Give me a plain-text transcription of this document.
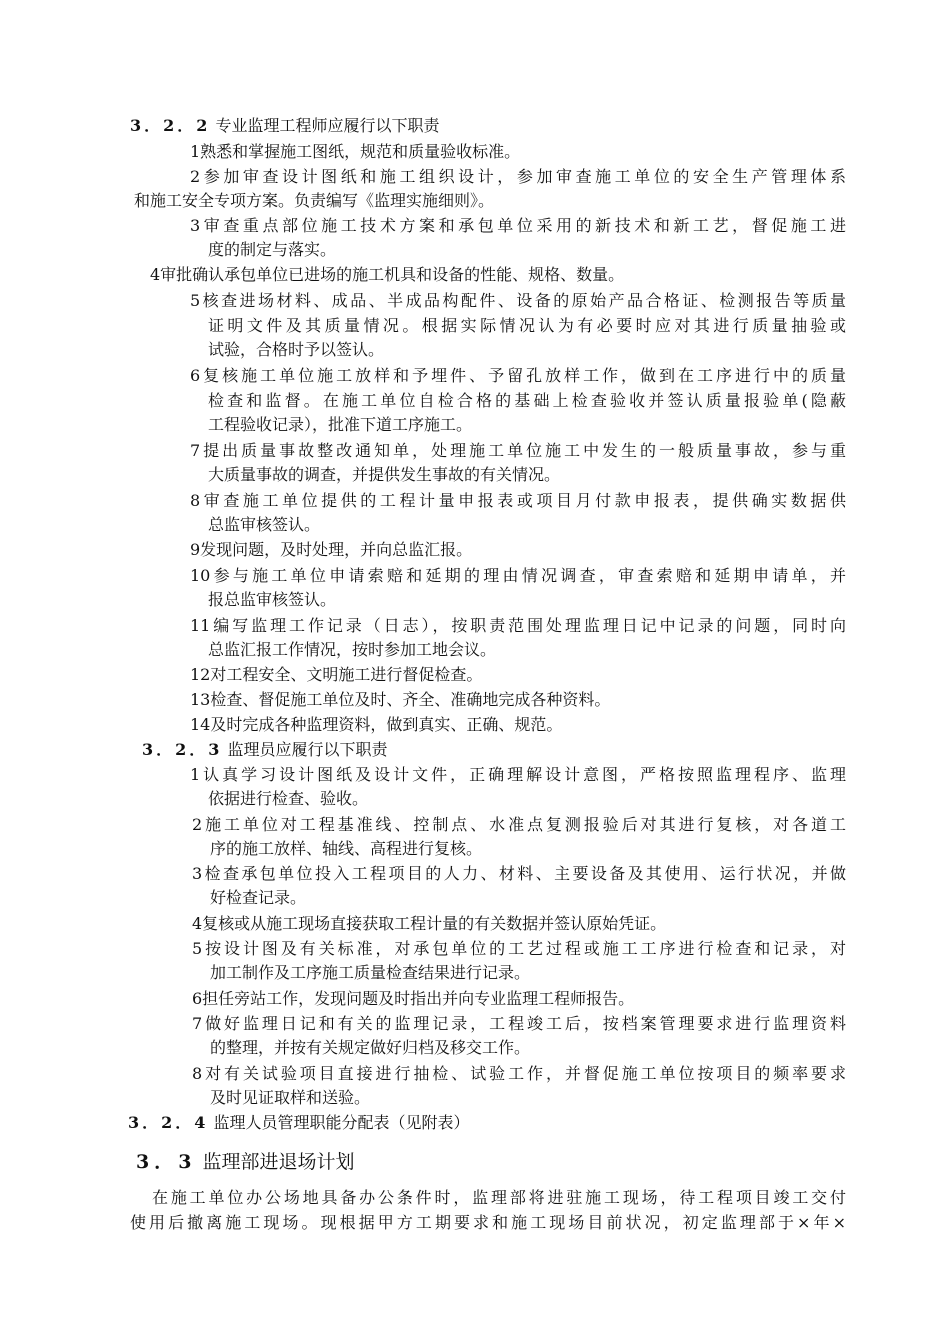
3．2．2 专业监理工程师应履行以下职责
1熟悉和掌握施工图纸，规范和质量验收标准。
2参加审查设计图纸和施工组织设计，参加审查施工单位的安全生产管理体系
和施工安全专项方案。负责编写《监理实施细则》。
3审查重点部位施工技术方案和承包单位采用的新技术和新工艺，督促施工进
度的制定与落实。
4审批确认承包单位已进场的施工机具和设备的性能、规格、数量。
5核查进场材料、成品、半成品构配件、设备的原始产品合格证、检测报告等质量
证明文件及其质量情况。根据实际情况认为有必要时应对其进行质量抽验或
试验，合格时予以签认。
6复核施工单位施工放样和予埋件、予留孔放样工作，做到在工序进行中的质量
检查和监督。在施工单位自检合格的基础上检查验收并签认质量报验单(隐蔽
工程验收记录），批准下道工序施工。
7提出质量事故整改通知单，处理施工单位施工中发生的一般质量事故，参与重
大质量事故的调查，并提供发生事故的有关情况。
8审查施工单位提供的工程计量申报表或项目月付款申报表，提供确实数据供
总监审核签认。
9发现问题，及时处理，并向总监汇报。
10参与施工单位申请索赔和延期的理由情况调查，审查索赔和延期申请单，并
报总监审核签认。
11编写监理工作记录（日志），按职责范围处理监理日记中记录的问题，同时向
总监汇报工作情况，按时参加工地会议。
12对工程安全、文明施工进行督促检查。
13检查、督促施工单位及时、齐全、准确地完成各种资料。
14及时完成各种监理资料，做到真实、正确、规范。
3．2．3 监理员应履行以下职责
1认真学习设计图纸及设计文件，正确理解设计意图，严格按照监理程序、监理
依据进行检查、验收。
2施工单位对工程基准线、控制点、水准点复测报验后对其进行复核，对各道工
序的施工放样、轴线、高程进行复核。
3检查承包单位投入工程项目的人力、材料、主要设备及其使用、运行状况，并做
好检查记录。
4复核或从施工现场直接获取工程计量的有关数据并签认原始凭证。
5按设计图及有关标准，对承包单位的工艺过程或施工工序进行检查和记录，对
加工制作及工序施工质量检查结果进行记录。
6担任旁站工作，发现问题及时指出并向专业监理工程师报告。
7做好监理日记和有关的监理记录，工程竣工后，按档案管理要求进行监理资料
的整理，并按有关规定做好归档及移交工作。
8对有关试验项目直接进行抽检、试验工作，并督促施工单位按项目的频率要求
及时见证取样和送验。
3．2．4 监理人员管理职能分配表（见附表）
3．3 监理部进退场计划
在施工单位办公场地具备办公条件时，监理部将进驻施工现场，待工程项目竣工交付
使用后撤离施工现场。现根据甲方工期要求和施工现场目前状况，初定监理部于×年×
